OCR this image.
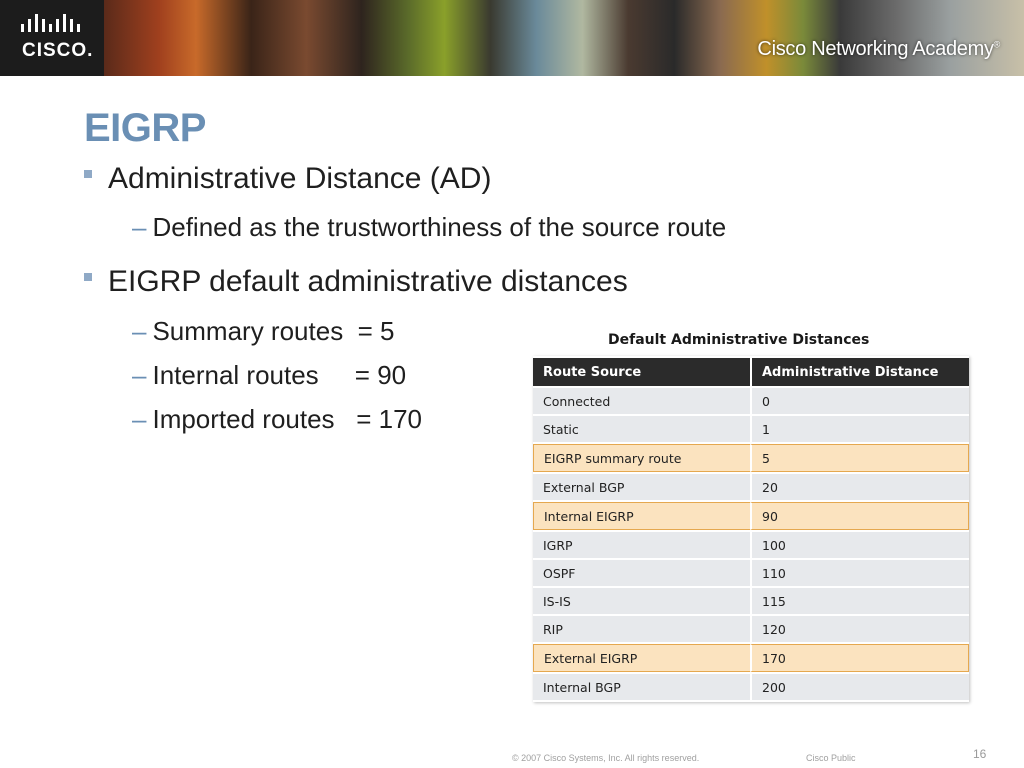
CISCO.	Cisco Networking Academy®
EIGRP
Administrative Distance (AD)
– Defined as the trustworthiness of the source route
EIGRP default administrative distances
– Summary routes  = 5
– Internal routes     = 90
– Imported routes   = 170
Default Administrative Distances
Route Source	Administrative Distance
Connected	0
Static	1
EIGRP summary route	5
External BGP	20
Internal EIGRP	90
IGRP	100
OSPF	110
IS-IS	115
RIP	120
External EIGRP	170
Internal BGP	200
© 2007 Cisco Systems, Inc. All rights reserved.	Cisco Public	16
